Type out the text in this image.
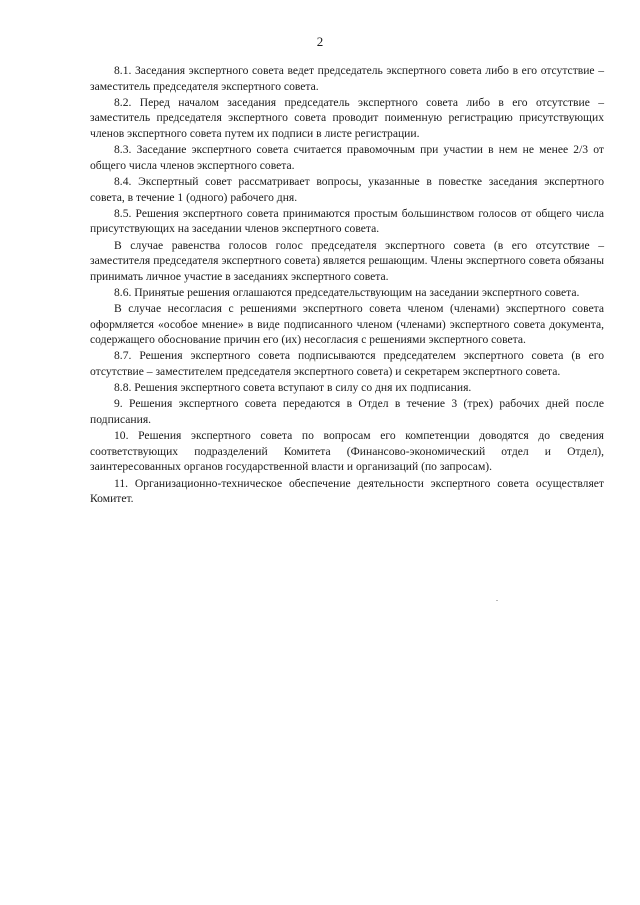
2

8.1. Заседания экспертного совета ведет председатель экспертного совета либо в его отсутствие – заместитель председателя экспертного совета.

8.2. Перед началом заседания председатель экспертного совета либо в его отсутствие – заместитель председателя экспертного совета проводит поименную регистрацию присутствующих членов экспертного совета путем их подписи в листе регистрации.

8.3. Заседание экспертного совета считается правомочным при участии в нем не менее 2/3 от общего числа членов экспертного совета.

8.4. Экспертный совет рассматривает вопросы, указанные в повестке заседания экспертного совета, в течение 1 (одного) рабочего дня.

8.5. Решения экспертного совета принимаются простым большинством голосов от общего числа присутствующих на заседании членов экспертного совета.

В случае равенства голосов голос председателя экспертного совета (в его отсутствие – заместителя председателя экспертного совета) является решающим. Члены экспертного совета обязаны принимать личное участие в заседаниях экспертного совета.

8.6. Принятые решения оглашаются председательствующим на заседании экспертного совета.

В случае несогласия с решениями экспертного совета членом (членами) экспертного совета оформляется «особое мнение» в виде подписанного членом (членами) экспертного совета документа, содержащего обоснование причин его (их) несогласия с решениями экспертного совета.

8.7. Решения экспертного совета подписываются председателем экспертного совета (в его отсутствие – заместителем председателя экспертного совета) и секретарем экспертного совета.

8.8. Решения экспертного совета вступают в силу со дня их подписания.

9. Решения экспертного совета передаются в Отдел в течение 3 (трех) рабочих дней после подписания.

10. Решения экспертного совета по вопросам его компетенции доводятся до сведения соответствующих подразделений Комитета (Финансово-экономический отдел и Отдел), заинтересованных органов государственной власти и организаций (по запросам).

11. Организационно-техническое обеспечение деятельности экспертного совета осуществляет Комитет.
